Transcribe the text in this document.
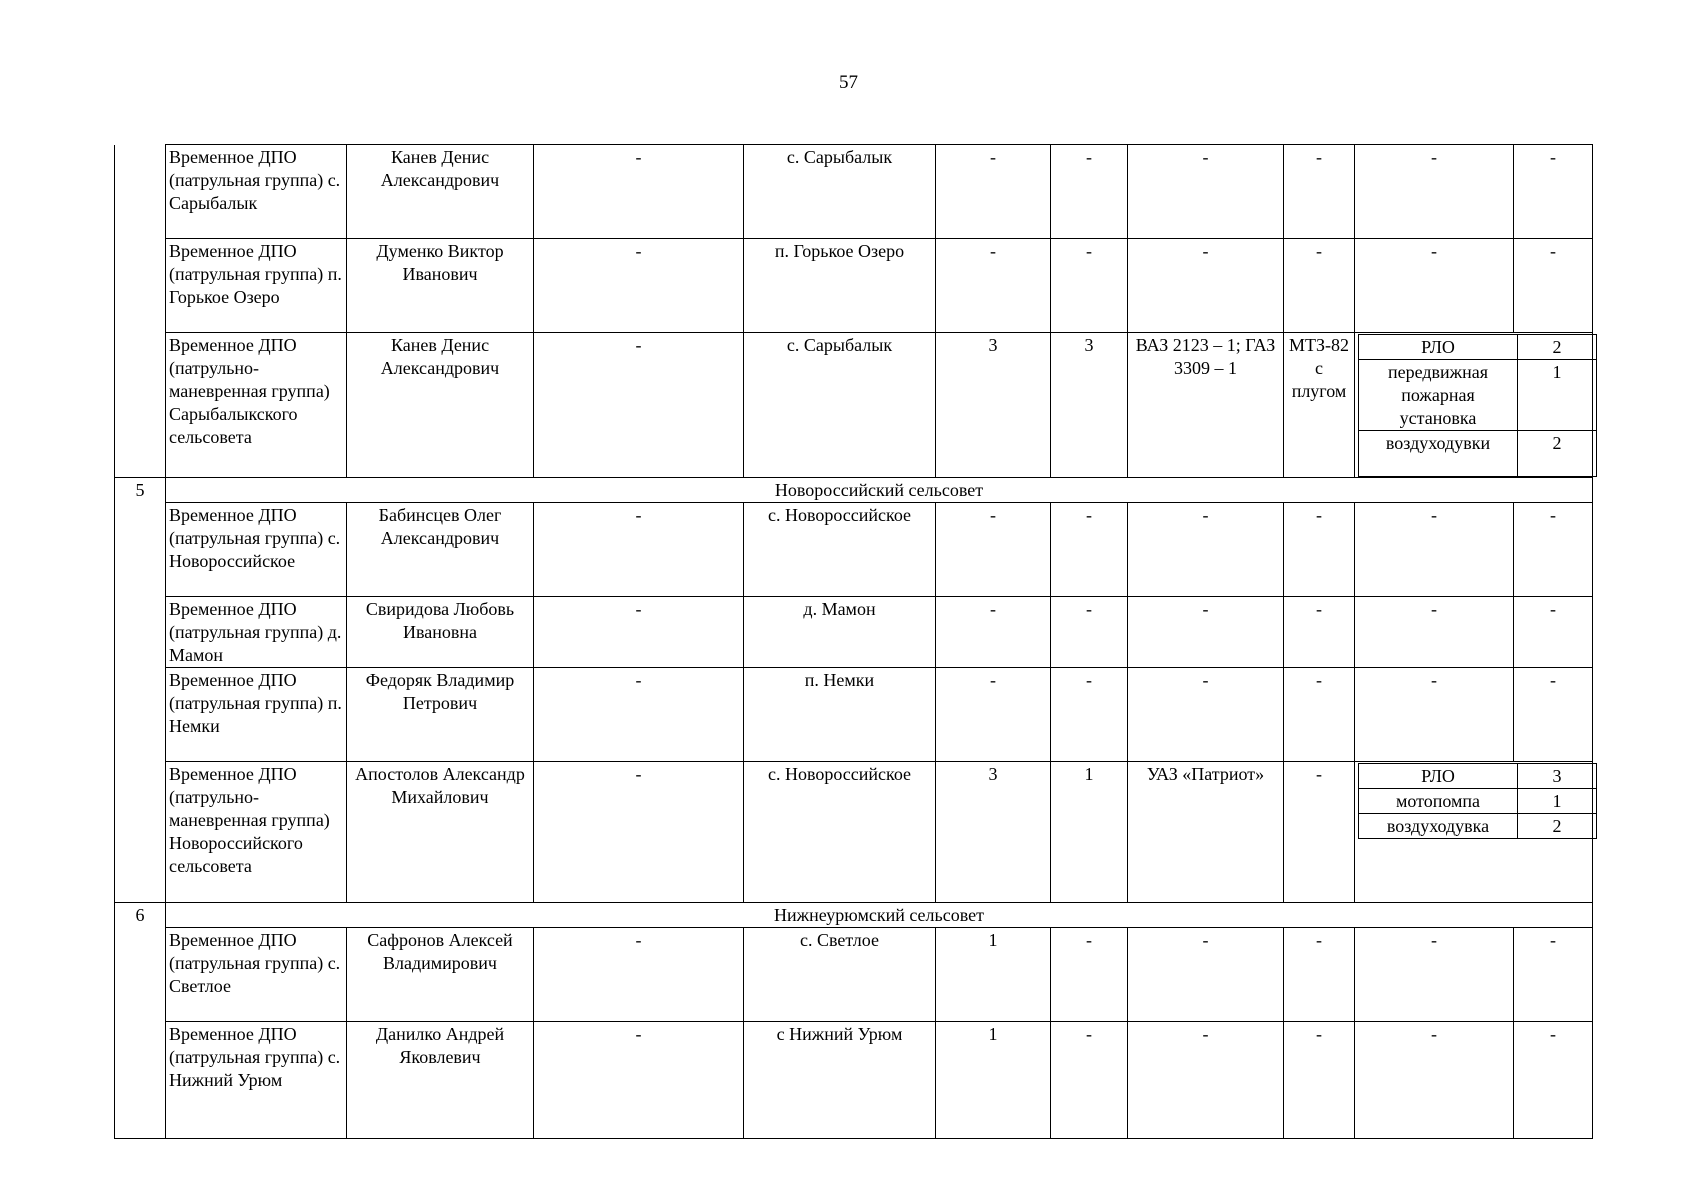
57
	Временное ДПО (патрульная группа) с. Сарыбалык	Канев Денис Александрович	-	с. Сарыбалык	-	-	-	-	-	-
	Временное ДПО (патрульная группа) п. Горькое Озеро	Думенко Виктор Иванович	-	п. Горькое Озеро	-	-	-	-	-	-
	Временное ДПО (патрульно-маневренная группа) Сарыбалыкского сельсовета	Канев Денис Александрович	-	с. Сарыбалык	3	3	ВАЗ 2123 – 1; ГАЗ 3309 – 1	МТЗ-82 с плугом	
РЛО	2
передвижная пожарная установка	1
воздуходувки	2

5	Новороссийский сельсовет
	Временное ДПО (патрульная группа) с. Новороссийское	Бабинсцев Олег Александрович	-	с. Новороссийское	-	-	-	-	-	-
	Временное ДПО (патрульная группа) д. Мамон	Свиридова Любовь Ивановна	-	д. Мамон	-	-	-	-	-	-
	Временное ДПО (патрульная группа) п. Немки	Федоряк Владимир Петрович	-	п. Немки	-	-	-	-	-	-
	Временное ДПО (патрульно-маневренная группа) Новороссийского сельсовета	Апостолов Александр Михайлович	-	с. Новороссийское	3	1	УАЗ «Патриот»	-		РЛО	3
мотопомпа	1
воздуходувка	2

6	Нижнеурюмский сельсовет
	Временное ДПО (патрульная группа) с. Светлое	Сафронов Алексей Владимирович	-	с. Светлое	1	-	-	-	-	-
	Временное ДПО (патрульная группа) с. Нижний Урюм	Данилко Андрей Яковлевич	-	с Нижний Урюм	1	-	-	-	-	-
